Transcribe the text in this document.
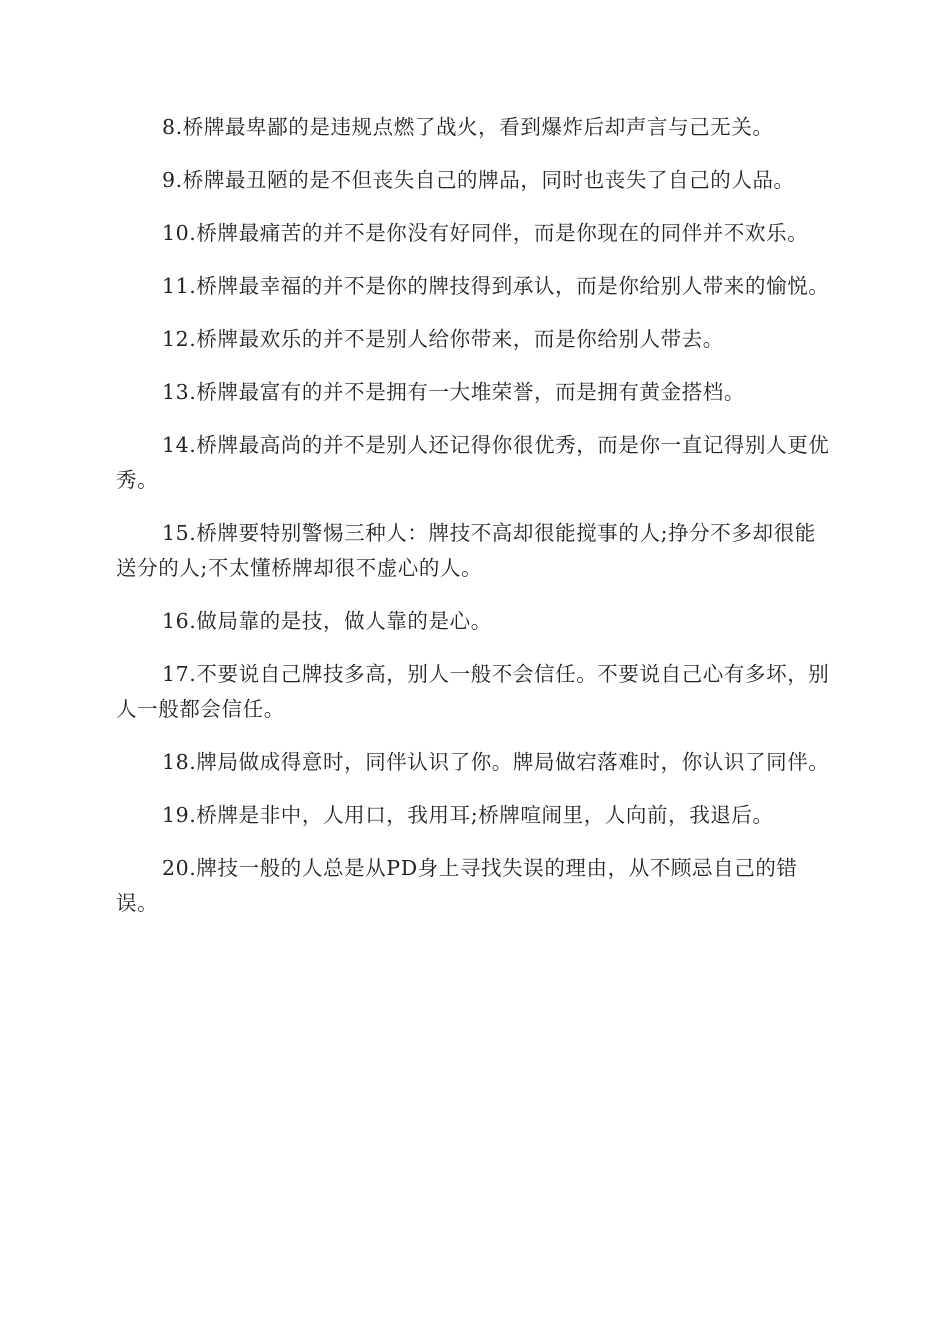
8.桥牌最卑鄙的是违规点燃了战火，看到爆炸后却声言与己无关。

9.桥牌最丑陋的是不但丧失自己的牌品，同时也丧失了自己的人品。

10.桥牌最痛苦的并不是你没有好同伴，而是你现在的同伴并不欢乐。

11.桥牌最幸福的并不是你的牌技得到承认，而是你给别人带来的愉悦。

12.桥牌最欢乐的并不是别人给你带来，而是你给别人带去。

13.桥牌最富有的并不是拥有一大堆荣誉，而是拥有黄金搭档。

14.桥牌最高尚的并不是别人还记得你很优秀，而是你一直记得别人更优秀。

15.桥牌要特别警惕三种人：牌技不高却很能搅事的人;挣分不多却很能送分的人;不太懂桥牌却很不虚心的人。

16.做局靠的是技，做人靠的是心。

17.不要说自己牌技多高，别人一般不会信任。不要说自己心有多坏，别人一般都会信任。

18.牌局做成得意时，同伴认识了你。牌局做宕落难时，你认识了同伴。

19.桥牌是非中，人用口，我用耳;桥牌喧闹里，人向前，我退后。

20.牌技一般的人总是从PD身上寻找失误的理由，从不顾忌自己的错误。
